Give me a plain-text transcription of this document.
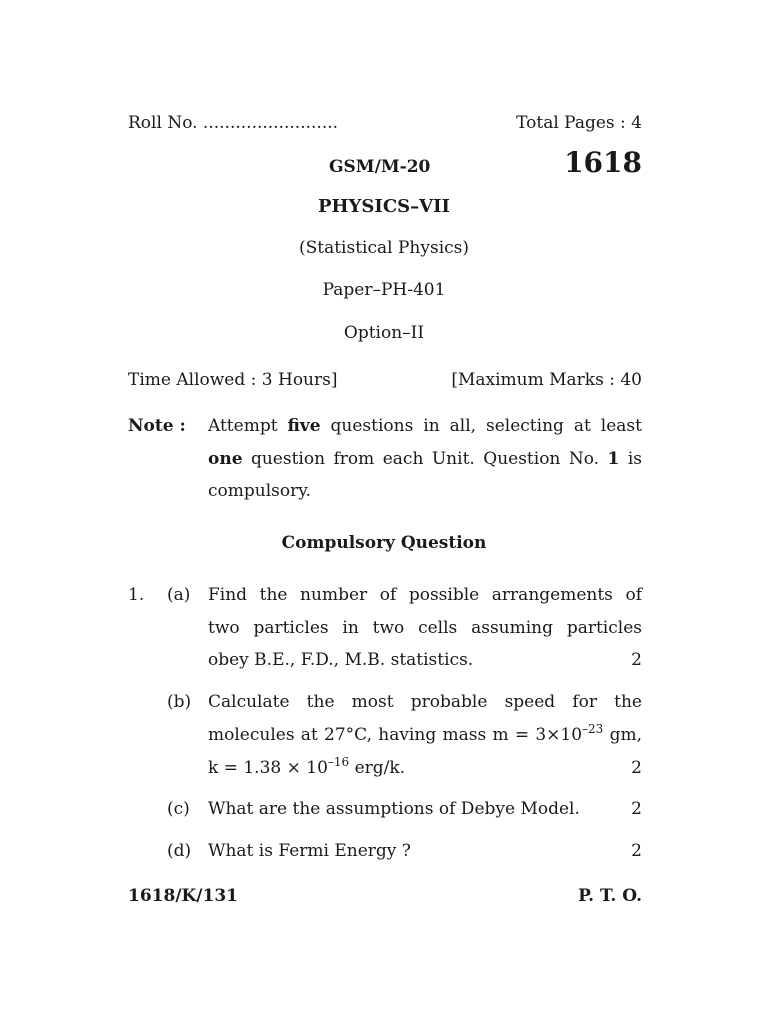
Roll No. .........................	Total Pages : 4
GSM/M-20	1618
PHYSICS–VII
(Statistical Physics)
Paper–PH-401
Option–II
Time Allowed : 3 Hours]	[Maximum Marks : 40
Note : Attempt five questions in all, selecting at least
one question from each Unit. Question No. 1 is
compulsory.
Compulsory Question
1. (a) Find the number of possible arrangements of
two particles in two cells assuming particles
obey B.E., F.D., M.B. statistics.	2
(b) Calculate the most probable speed for the
molecules at 27°C, having mass $m = 3\times 10^{-23}$ gm,
$k = 1.38 \times 10^{-16}$ erg/k.	2
(c) What are the assumptions of Debye Model.	2
(d) What is Fermi Energy ?	2
1618/K/131	P. T. O.
